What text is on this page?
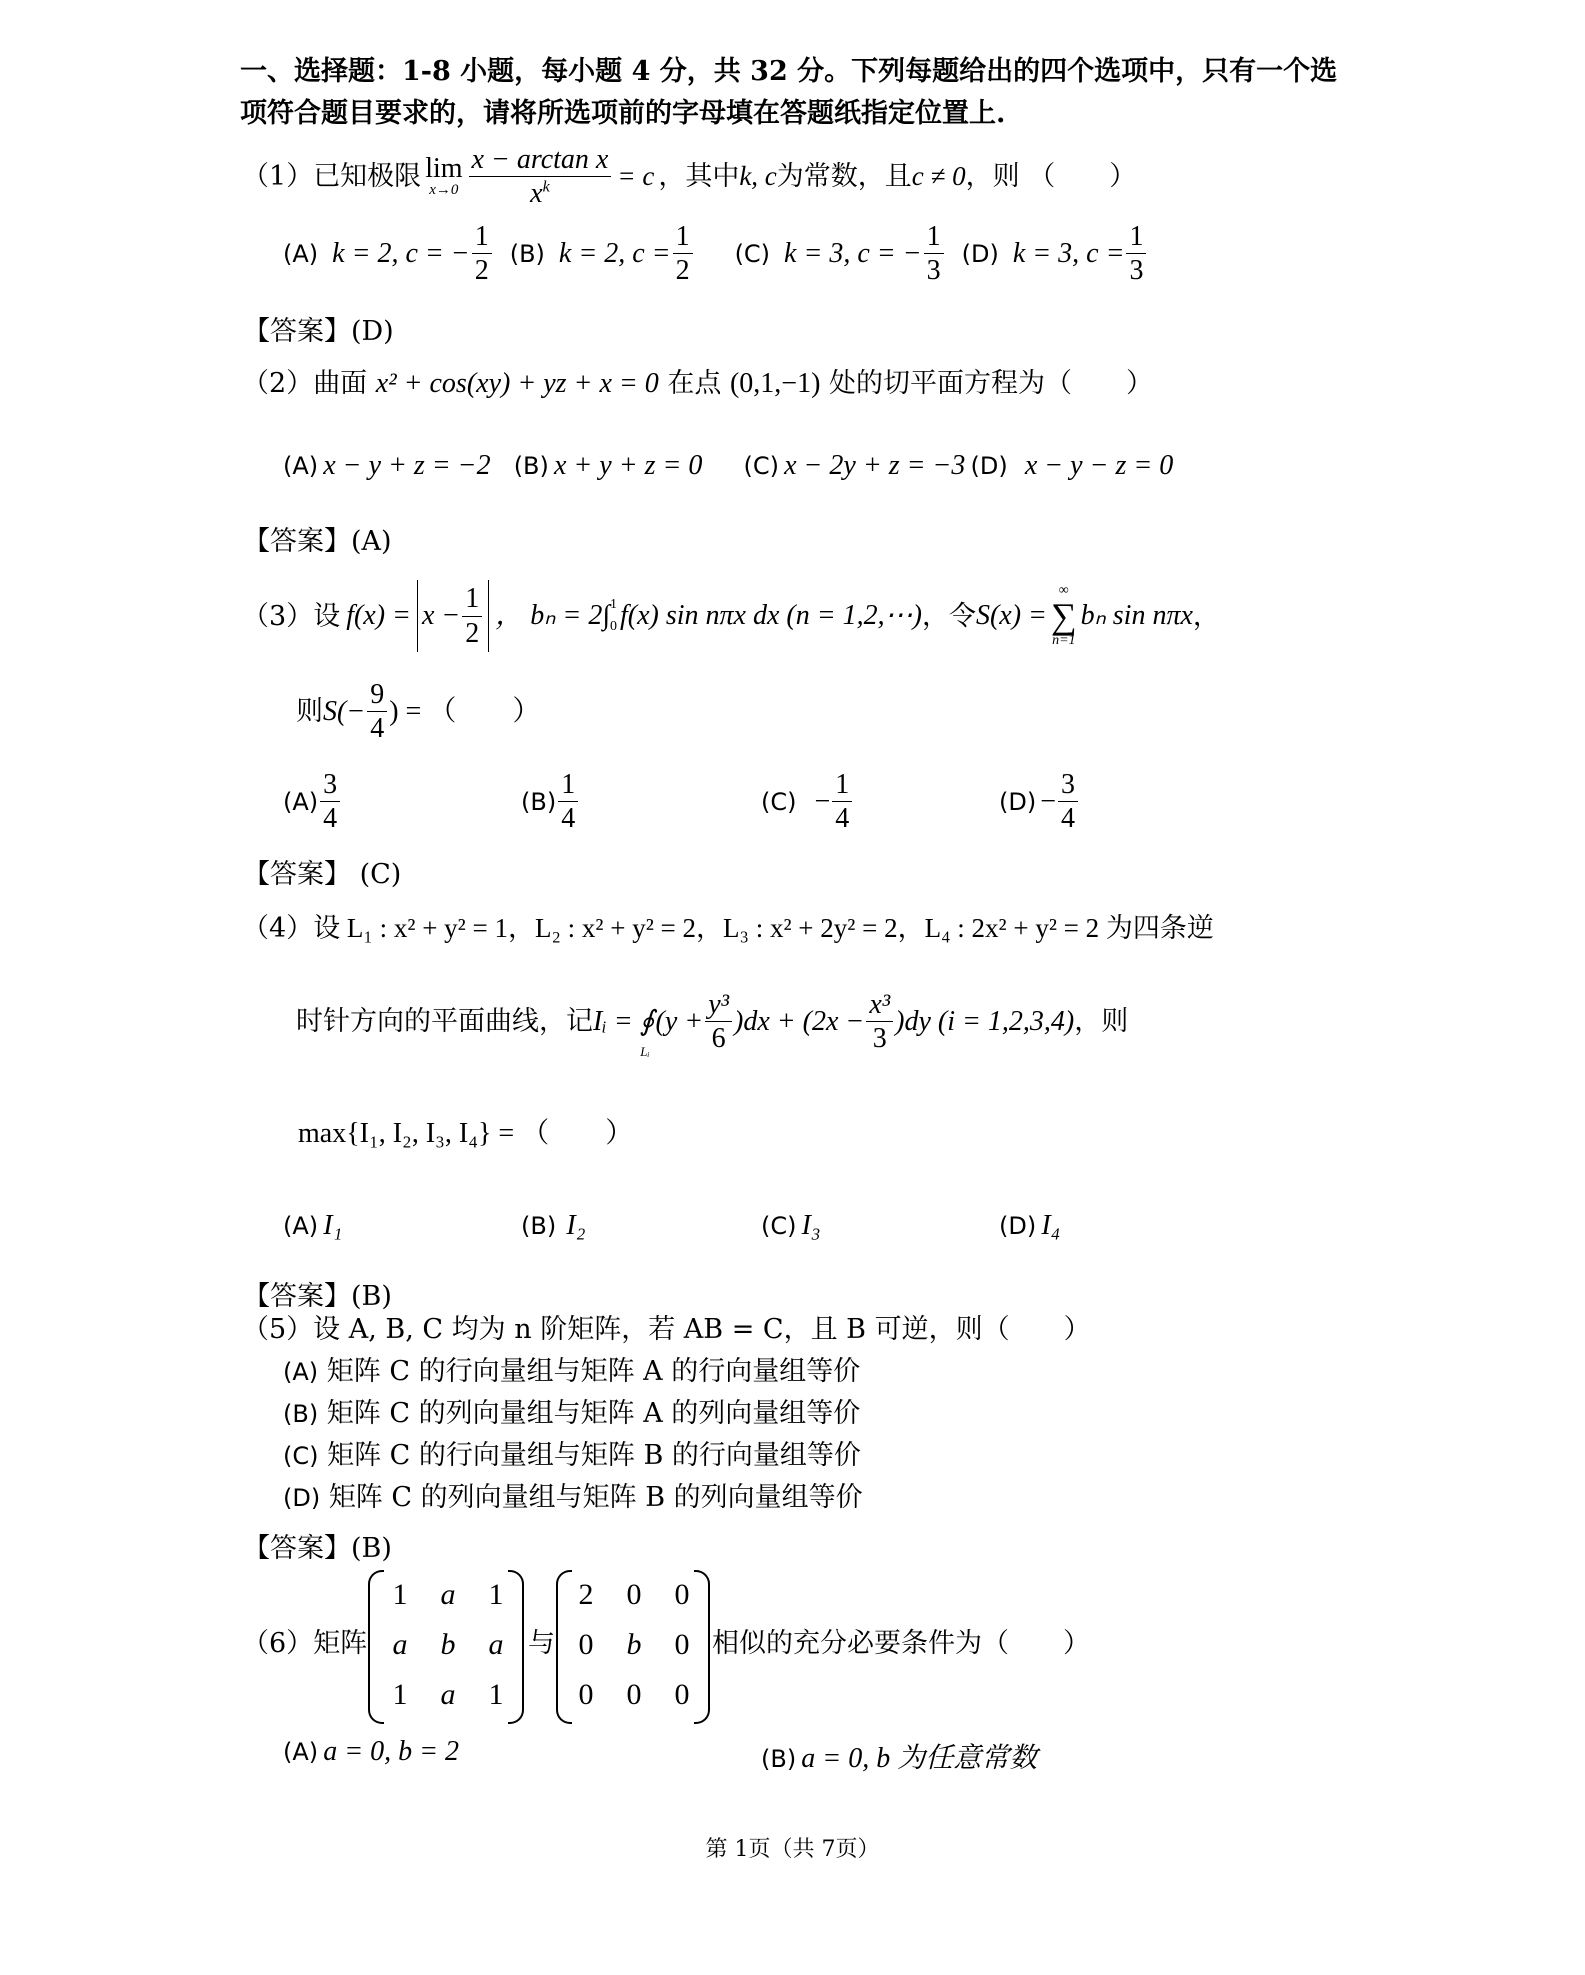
一、选择题：1-8 小题，每小题 4 分，共 32 分。下列每题给出的四个选项中，只有一个选
项符合题目要求的，请将所选项前的字母填在答题纸指定位置上.
（1） 已知极限 lim
$x\to 0 \frac{\text{x − arctan x}}{x^k} = c$ ，其中 k, c 为常数，且 c ≠ 0 ，则 （　　）
(A) k = 2, c = − $\frac{1}{2} (B) k = 2$, $c = \frac{1}{2} (C) k = 3$, c = − $\frac{1}{3} (D) k = 3$, $c = \frac{1}{3}$
【答案】(D)
（2）曲面 x² + cos(xy) + yz + x = 0 在点 (0,1,−1) 处的切平面方程为（　　）
(A) x − y + z = −2 (B) x + y + z = 0 (C) x − 2y + z = −3 (D) x − y − z = 0
【答案】(A)
（3） 设 $f(x) = x - \frac{1}{2}$ ， bₙ = 2∫ 1
0 f(x) sin nπx dx (n = 1,2,⋯) ，令 S(x) =
∞
∑
n=1
bₙ sin nπx ，
则 $S(- \frac{9}{4}$ ) = （　　）
$(A) \frac{3}{4}$	$(B) \frac{1}{4}$	$(C) - \frac{1}{4}$	$(D) - \frac{3}{4}$
【答案】 (C)
（4）设 L₁ : x² + y² = 1，L₂ : x² + y² = 2，L₃ : x² + 2y² = 2，L₄ : 2x² + y² = 2 为四条逆
时针方向的平面曲线，记 Iᵢ = ∮
Lᵢ
$(y + \frac{\text{y³}}{6} )dx + (2x - \frac{\text{x³}}{3} )dy$ (i = 1,2,3,4) ，则
max{I₁, I₂, I₃, I₄} = （　　）
(A) I₁	(B) I₂	(C) I₃	(D) I₄
【答案】(B)
（5）设 A, B, C 均为 n 阶矩阵，若 AB = C，且 B 可逆，则（　　）
(A) 矩阵 C 的行向量组与矩阵 A 的行向量组等价
(B) 矩阵 C 的列向量组与矩阵 A 的列向量组等价
(C) 矩阵 C 的行向量组与矩阵 B 的行向量组等价
(D) 矩阵 C 的列向量组与矩阵 B 的列向量组等价
【答案】(B)
（6）矩阵
1	a	1
a	b	a
1	a	1
与
2	0	0
0	b	0
0	0	0
相似的充分必要条件为（　　）
(A) a = 0, b = 2	(B) a = 0, b 为任意常数
第 1页（共 7页）
